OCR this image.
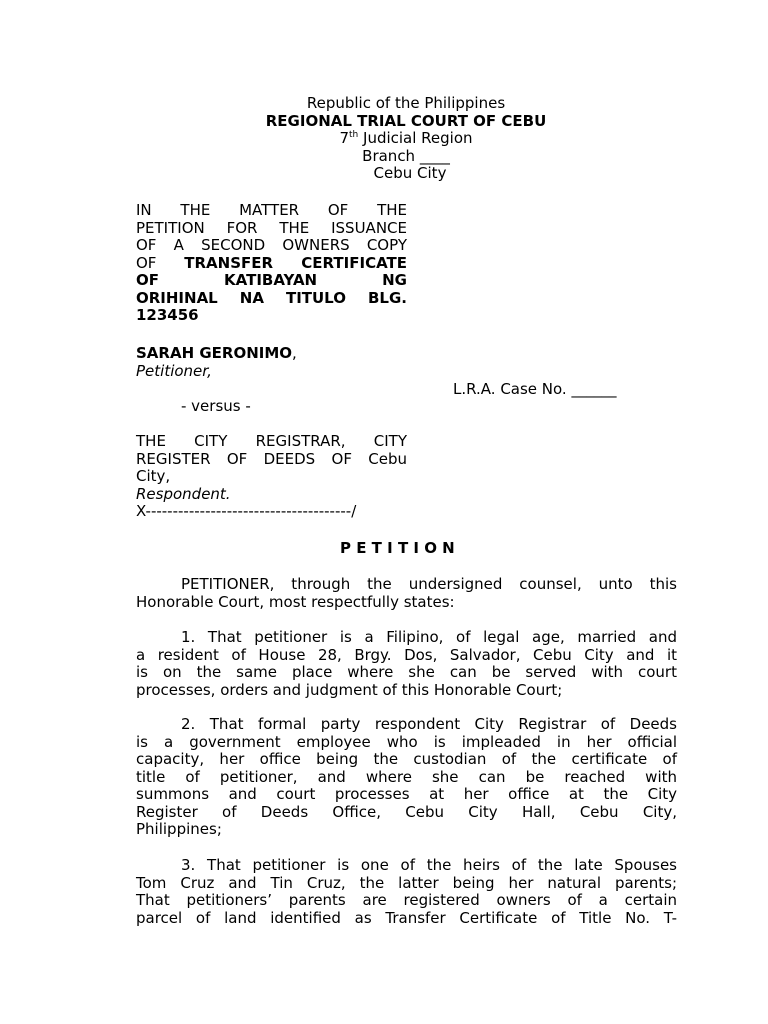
Republic of the Philippines
REGIONAL TRIAL COURT OF CEBU
7th Judicial Region
Branch ____
Cebu City
IN THE MATTER OF THE
PETITION FOR THE ISSUANCE
OF A SECOND OWNERS COPY
OF TRANSFER CERTIFICATE
OF KATIBAYAN NG
ORIHINAL NA TITULO BLG.
123456
SARAH GERONIMO,
Petitioner,
L.R.A. Case No. ______
- versus -
THE CITY REGISTRAR, CITY
REGISTER OF DEEDS OF Cebu
City,
Respondent.
X--------------------------------------/
P E T I T I O N
PETITIONER, through the undersigned counsel, unto this
Honorable Court, most respectfully states:
1. That petitioner is a Filipino, of legal age, married and
a resident of House 28, Brgy. Dos, Salvador, Cebu City and it
is on the same place where she can be served with court
processes, orders and judgment of this Honorable Court;
2. That formal party respondent City Registrar of Deeds
is a government employee who is impleaded in her official
capacity, her office being the custodian of the certificate of
title of petitioner, and where she can be reached with
summons and court processes at her office at the City
Register of Deeds Office, Cebu City Hall, Cebu City,
Philippines;
3. That petitioner is one of the heirs of the late Spouses
Tom Cruz and Tin Cruz, the latter being her natural parents;
That petitioners’ parents are registered owners of a certain
parcel of land identified as Transfer Certificate of Title No. T-
